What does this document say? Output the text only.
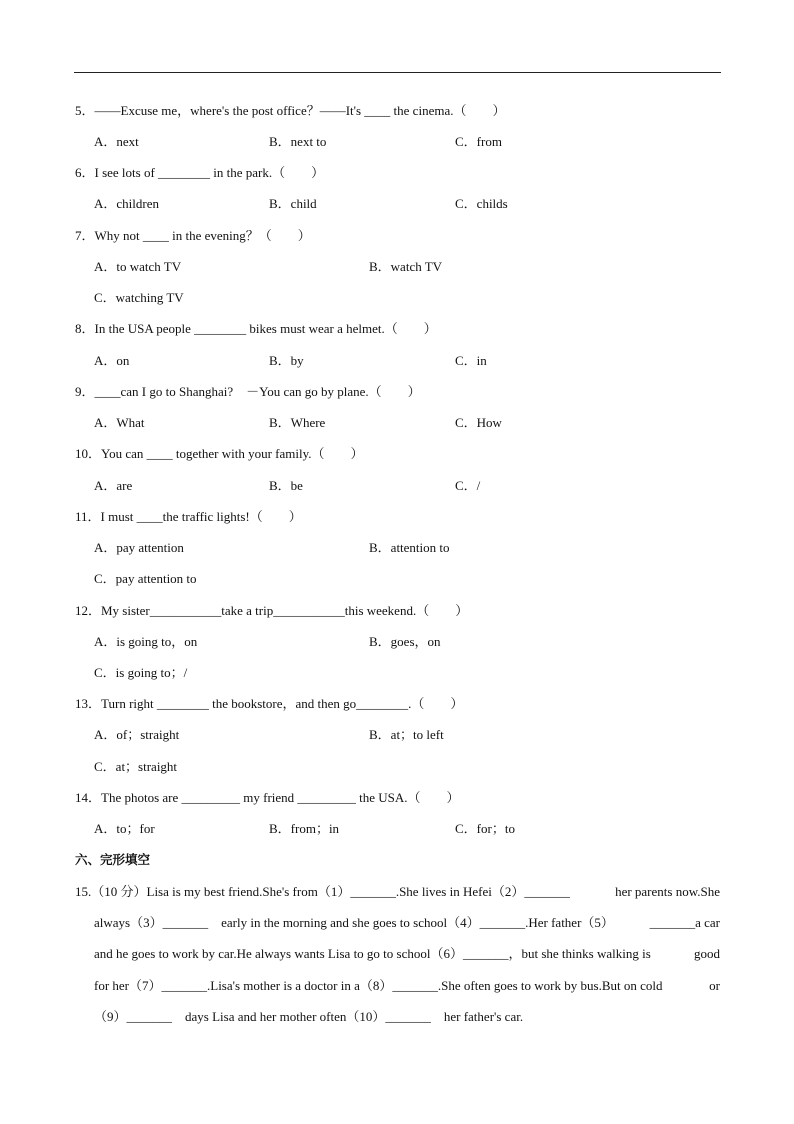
5．——Excuse me，where's the post office？——It's ____ the cinema.（　　）
A．next	B．next to	C．from
6．I see lots of ________ in the park.（　　）
A．children	B．child	C．childs
7．Why not ____ in the evening？（　　）
A．to watch TV	B．watch TV
C．watching TV
8．In the USA people ________ bikes must wear a helmet.（　　）
A．on	B．by	C．in
9．____can I go to Shanghai?　－You can go by plane.（　　）
A．What	B．Where	C．How
10．You can ____ together with your family.（　　）
A．are	B．be	C．/
11．I must ____the traffic lights!（　　）
A．pay attention	B．attention to
C．pay attention to
12．My sister___________take a trip___________this weekend.（　　）
A．is going to，on	B．goes，on
C．is going to；/
13．Turn right ________ the bookstore，and then go________.（　　）
A．of；straight	B．at；to left
C．at；straight
14．The photos are _________ my friend _________ the USA.（　　）
A．to；for	B．from；in	C．for；to
六、完形填空
15.（10 分）Lisa is my best friend.She's from（1）_______.She lives in Hefei（2）_______	her parents now.She
always（3）_______　early in the morning and she goes to school（4）_______.Her father（5）	_______a car
and he goes to work by car.He always wants Lisa to go to school（6）_______，but she thinks walking is	good
for her（7）_______.Lisa's mother is a doctor in a（8）_______.She often goes to work by bus.But on cold	or
（9）_______　days Lisa and her mother often（10）_______　her father's car.
